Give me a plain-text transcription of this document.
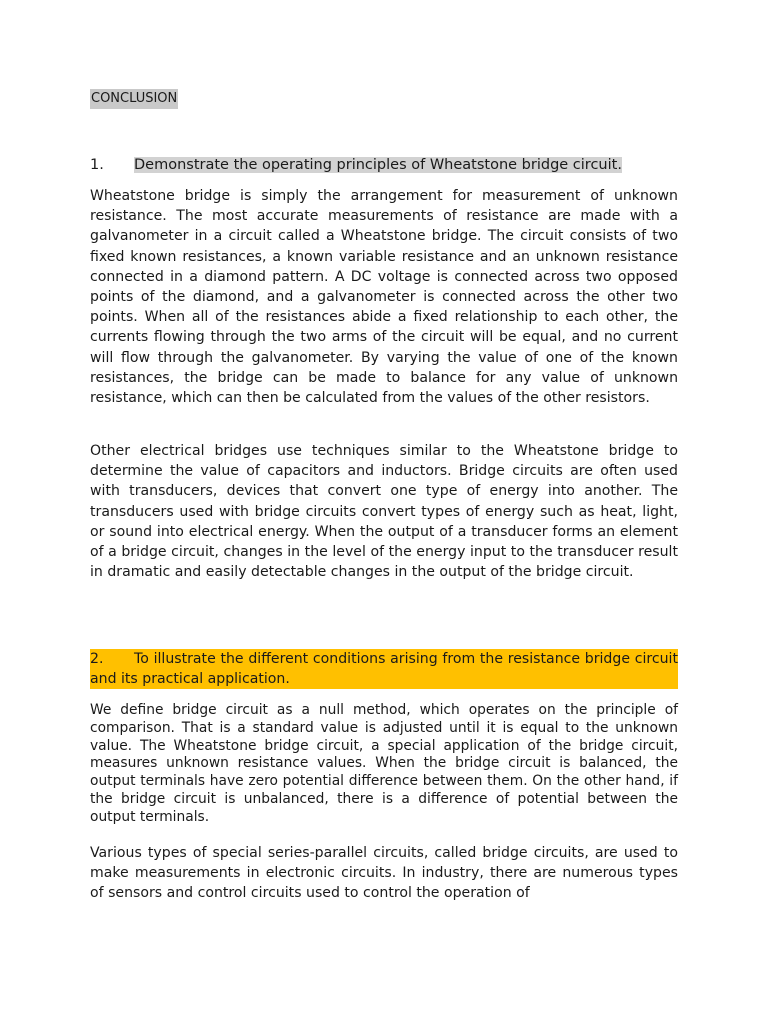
CONCLUSION
1. Demonstrate the operating principles of Wheatstone bridge circuit.

Wheatstone bridge is simply the arrangement for measurement of unknown resistance. The most accurate measurements of resistance are made with a galvanometer in a circuit called a Wheatstone bridge. The circuit consists of two fixed known resistances, a known variable resistance and an unknown resistance connected in a diamond pattern. A DC voltage is connected across two opposed points of the diamond, and a galvanometer is connected across the other two points. When all of the resistances abide a fixed relationship to each other, the currents flowing through the two arms of the circuit will be equal, and no current will flow through the galvanometer. By varying the value of one of the known resistances, the bridge can be made to balance for any value of unknown resistance, which can then be calculated from the values of the other resistors.

Other electrical bridges use techniques similar to the Wheatstone bridge to determine the value of capacitors and inductors. Bridge circuits are often used with transducers, devices that convert one type of energy into another. The transducers used with bridge circuits convert types of energy such as heat, light, or sound into electrical energy. When the output of a transducer forms an element of a bridge circuit, changes in the level of the energy input to the transducer result in dramatic and easily detectable changes in the output of the bridge circuit.

2. To illustrate the different conditions arising from the resistance bridge circuit and its practical application.

We define bridge circuit as a null method, which operates on the principle of comparison. That is a standard value is adjusted until it is equal to the unknown value. The Wheatstone bridge circuit, a special application of the bridge circuit, measures unknown resistance values. When the bridge circuit is balanced, the output terminals have zero potential difference between them. On the other hand, if the bridge circuit is unbalanced, there is a difference of potential between the output terminals.

Various types of special series-parallel circuits, called bridge circuits, are used to make measurements in electronic circuits. In industry, there are numerous types of sensors and control circuits used to control the operation of
